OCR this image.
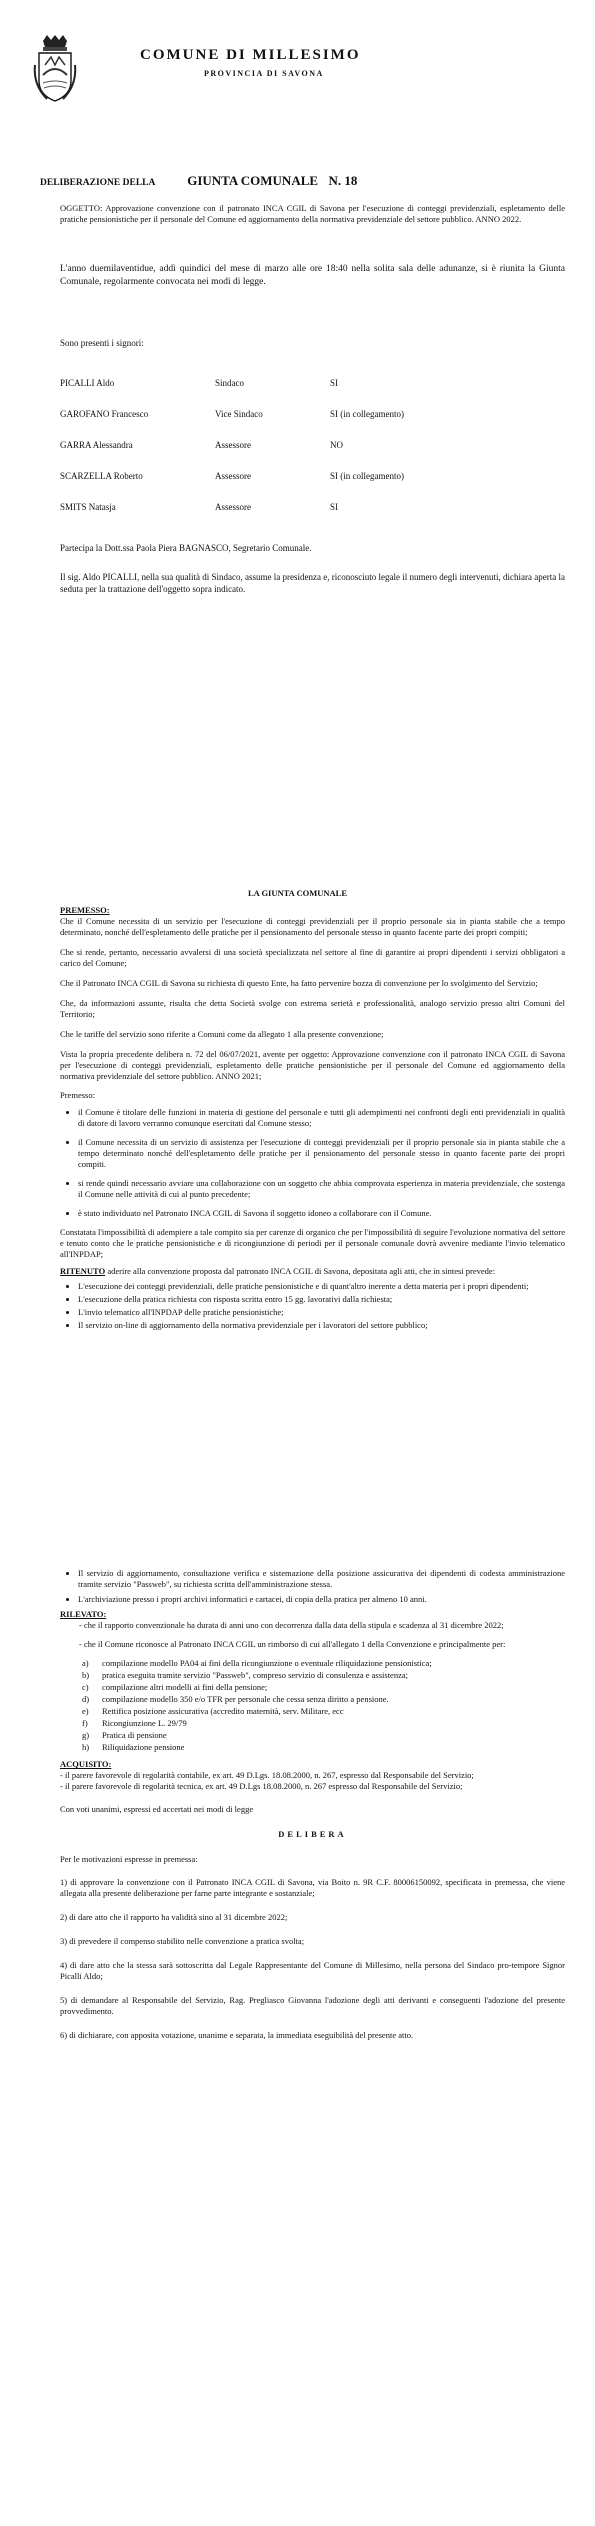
COMUNE DI MILLESIMO
PROVINCIA DI SAVONA
DELIBERAZIONE DELLA GIUNTA COMUNALE N. 18
OGGETTO: Approvazione convenzione con il patronato INCA CGIL di Savona per l'esecuzione di conteggi previdenziali, espletamento delle pratiche pensionistiche per il personale del Comune ed aggiornamento della normativa previdenziale del settore pubblico. ANNO 2022.
L'anno duemilaventidue, addì quindici del mese di marzo alle ore 18:40 nella solita sala delle adunanze, si è riunita la Giunta Comunale, regolarmente convocata nei modi di legge.
Sono presenti i signori:
PICALLI Aldo	Sindaco	SI
GAROFANO Francesco	Vice Sindaco	SI (in collegamento)
GARRA Alessandra	Assessore	NO
SCARZELLA Roberto	Assessore	SI (in collegamento)
SMITS Natasja	Assessore	SI
Partecipa la Dott.ssa Paola Piera BAGNASCO, Segretario Comunale.
Il sig. Aldo PICALLI, nella sua qualità di Sindaco, assume la presidenza e, riconosciuto legale il numero degli intervenuti, dichiara aperta la seduta per la trattazione dell'oggetto sopra indicato.
LA GIUNTA COMUNALE

PREMESSO:

Che il Comune necessita di un servizio per l'esecuzione di conteggi previdenziali per il proprio personale sia in pianta stabile che a tempo determinato, nonché dell'espletamento delle pratiche per il pensionamento del personale stesso in quanto facente parte dei propri compiti;

Che si rende, pertanto, necessario avvalersi di una società specializzata nel settore al fine di garantire ai propri dipendenti i servizi obbligatori a carico del Comune;

Che il Patronato INCA CGIL di Savona su richiesta di questo Ente, ha fatto pervenire bozza di convenzione per lo svolgimento del Servizio;

Che, da informazioni assunte, risulta che detta Società svolge con estrema serietà e professionalità, analogo servizio presso altri Comuni del Territorio;

Che le tariffe del servizio sono riferite a Comuni come da allegato 1 alla presente convenzione;

Vista la propria precedente delibera n. 72 del 06/07/2021, avente per oggetto: Approvazione convenzione con il patronato INCA CGIL di Savona per l'esecuzione di conteggi previdenziali, espletamento delle pratiche pensionistiche per il personale del Comune ed aggiornamento della normativa previdenziale del settore pubblico. ANNO 2021;

Premesso:

• il Comune è titolare delle funzioni in materia di gestione del personale e tutti gli adempimenti nei confronti degli enti previdenziali in qualità di datore di lavoro verranno comunque esercitati dal Comune stesso;
• il Comune necessita di un servizio di assistenza per l'esecuzione di conteggi previdenziali per il proprio personale sia in pianta stabile che a tempo determinato nonché dell'espletamento delle pratiche per il pensionamento del personale stesso in quanto facente parte dei propri compiti.
• si rende quindi necessario avviare una collaborazione con un soggetto che abbia comprovata esperienza in materia previdenziale, che sostenga il Comune nelle attività di cui al punto precedente;
• è stato individuato nel Patronato INCA CGIL di Savona il soggetto idoneo a collaborare con il Comune.

Constatata l'impossibilità di adempiere a tale compito sia per carenze di organico che per l'impossibilità di seguire l'evoluzione normativa del settore e tenuto conto che le pratiche pensionistiche e di ricongiunzione di periodi per il personale comunale dovrà avvenire mediante l'invio telematico all'INPDAP;

RITENUTO aderire alla convenzione proposta dal patronato INCA CGIL di Savona, depositata agli atti, che in sintesi prevede:

• L'esecuzione dei conteggi previdenziali, delle pratiche pensionistiche e di quant'altro inerente a detta materia per i propri dipendenti;
• L'esecuzione della pratica richiesta con risposta scritta entro 15 gg. lavorativi dalla richiesta;
• L'invio telematico all'INPDAP delle pratiche pensionistiche;
• Il servizio on-line di aggiornamento della normativa previdenziale per i lavoratori del settore pubblico;
• Il servizio di aggiornamento, consultazione verifica e sistemazione della posizione assicurativa dei dipendenti di codesta amministrazione tramite servizio "Passweb", su richiesta scritta dell'amministrazione stessa.
• L'archiviazione presso i propri archivi informatici e cartacei, di copia della pratica per almeno 10 anni.

RILEVATO:

- che il rapporto convenzionale ha durata di anni uno con decorrenza dalla data della stipula e scadenza al 31 dicembre 2022;
- che il Comune riconosce al Patronato INCA CGIL un rimborso di cui all'allegato 1 della Convenzione e principalmente per:
a)	compilazione modello PA04 ai fini della ricongiunzione o eventuale riliquidazione pensionistica;
b)	pratica eseguita tramite servizio "Passweb", compreso servizio di consulenza e assistenza;
c)	compilazione altri modelli ai fini della pensione;
d)	compilazione modello 350 e/o TFR per personale che cessa senza diritto a pensione.
e)	Rettifica posizione assicurativa (accredito maternità, serv. Militare, ecc
f)	Ricongiunzione L. 29/79
g)	Pratica di pensione
h)	Riliquidazione pensione

ACQUISITO:

- il parere favorevole di regolarità contabile, ex art. 49 D.Lgs. 18.08.2000, n. 267, espresso dal Responsabile del Servizio;

- il parere favorevole di regolarità tecnica, ex art. 49 D.Lgs 18.08.2000, n. 267 espresso dal Responsabile del Servizio;

Con voti unanimi, espressi ed accertati nei modi di legge

DELIBERA

Per le motivazioni espresse in premessa:

1) di approvare la convenzione con il Patronato INCA CGIL di Savona, via Boito n. 9R C.F. 80006150092, specificata in premessa, che viene allegata alla presente deliberazione per farne parte integrante e sostanziale;

2) di dare atto che il rapporto ha validità sino al 31 dicembre 2022;

3) di prevedere il compenso stabilito nelle convenzione a pratica svolta;

4) di dare atto che la stessa sarà sottoscritta dal Legale Rappresentante del Comune di Millesimo, nella persona del Sindaco pro-tempore Signor Picalli Aldo;

5) di demandare al Responsabile del Servizio, Rag. Pregliasco Giovanna l'adozione degli atti derivanti e conseguenti l'adozione del presente provvedimento.

6) di dichiarare, con apposita votazione, unanime e separata, la immediata eseguibilità del presente atto.
